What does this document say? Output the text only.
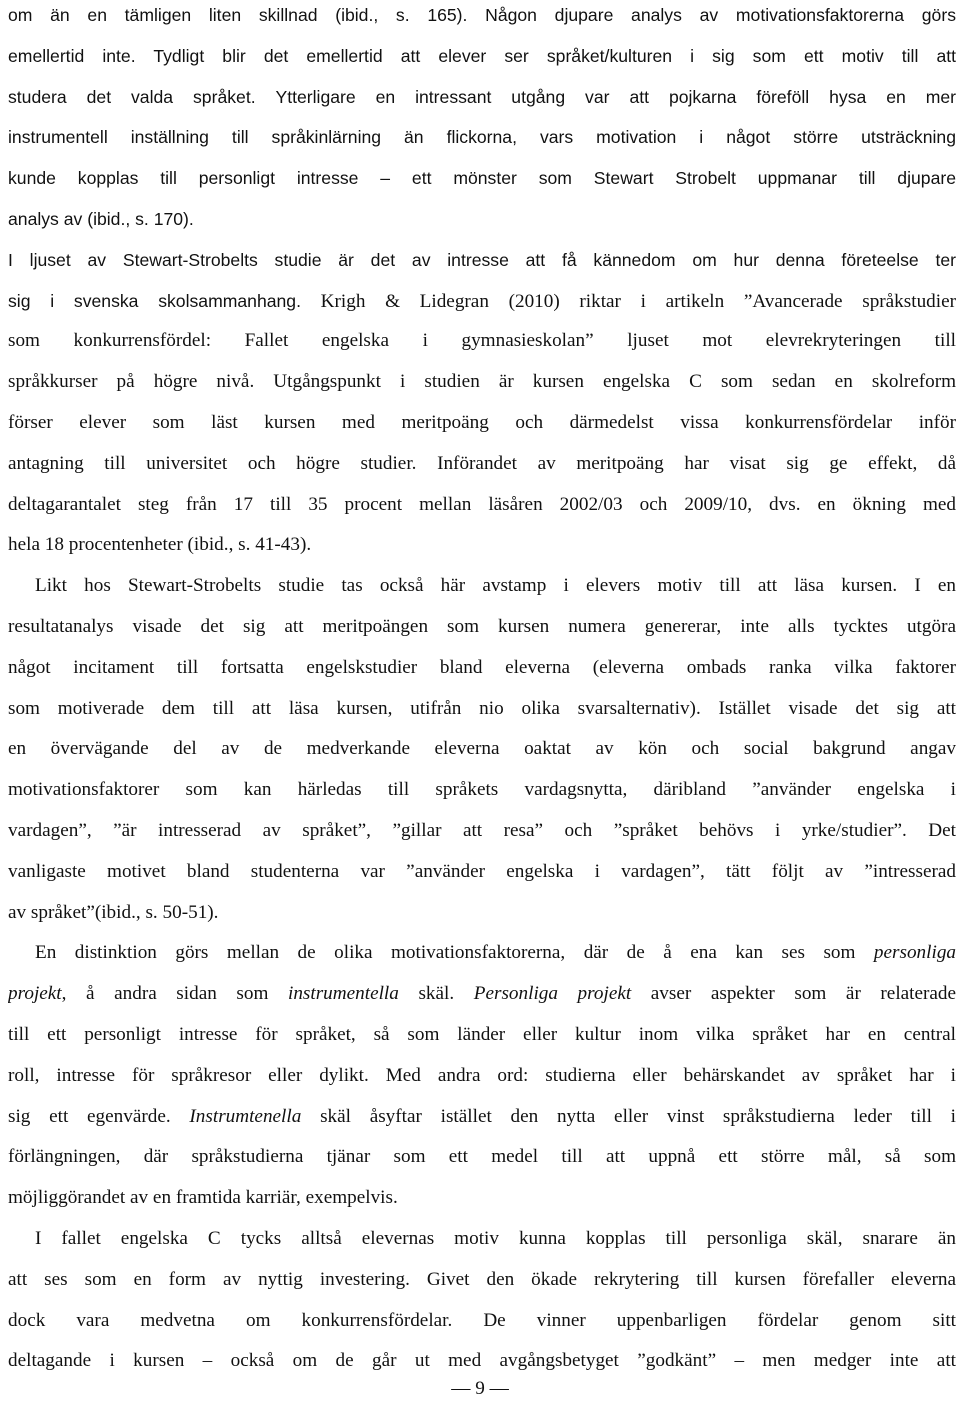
om än en tämligen liten skillnad (ibid., s. 165). Någon djupare analys av motivationsfaktorerna görs
emellertid inte. Tydligt blir det emellertid att elever ser språket/kulturen i sig som ett motiv till att
studera det valda språket. Ytterligare en intressant utgång var att pojkarna föreföll hysa en mer
instrumentell inställning till språkinlärning än flickorna, vars motivation i något större utsträckning
kunde kopplas till personligt intresse – ett mönster som Stewart Strobelt uppmanar till djupare
analys av (ibid., s. 170).
I ljuset av Stewart-Strobelts studie är det av intresse att få kännedom om hur denna företeelse ter
sig i svenska skolsammanhang. Krigh & Lidegran (2010) riktar i artikeln ”Avancerade språkstudier
som konkurrensfördel: Fallet engelska i gymnasieskolan” ljuset mot elevrekryteringen till
språkkurser på högre nivå. Utgångspunkt i studien är kursen engelska C som sedan en skolreform
förser elever som läst kursen med meritpoäng och därmedelst vissa konkurrensfördelar inför
antagning till universitet och högre studier. Införandet av meritpoäng har visat sig ge effekt, då
deltagarantalet steg från 17 till 35 procent mellan läsåren 2002/03 och 2009/10, dvs. en ökning med
hela 18 procentenheter (ibid., s. 41-43).
Likt hos Stewart-Strobelts studie tas också här avstamp i elevers motiv till att läsa kursen. I en
resultatanalys visade det sig att meritpoängen som kursen numera genererar, inte alls tycktes utgöra
något incitament till fortsatta engelskstudier bland eleverna (eleverna ombads ranka vilka faktorer
som motiverade dem till att läsa kursen, utifrån nio olika svarsalternativ). Istället visade det sig att
en övervägande del av de medverkande eleverna oaktat av kön och social bakgrund angav
motivationsfaktorer som kan härledas till språkets vardagsnytta, däribland ”använder engelska i
vardagen”, ”är intresserad av språket”, ”gillar att resa” och ”språket behövs i yrke/studier”. Det
vanligaste motivet bland studenterna var ”använder engelska i vardagen”, tätt följt av ”intresserad
av språket”(ibid., s. 50-51).
En distinktion görs mellan de olika motivationsfaktorerna, där de å ena kan ses som personliga
projekt, å andra sidan som instrumentella skäl. Personliga projekt avser aspekter som är relaterade
till ett personligt intresse för språket, så som länder eller kultur inom vilka språket har en central
roll, intresse för språkresor eller dylikt. Med andra ord: studierna eller behärskandet av språket har i
sig ett egenvärde. Instrumtenella skäl åsyftar istället den nytta eller vinst språkstudierna leder till i
förlängningen, där språkstudierna tjänar som ett medel till att uppnå ett större mål, så som
möjliggörandet av en framtida karriär, exempelvis.
I fallet engelska C tycks alltså elevernas motiv kunna kopplas till personliga skäl, snarare än
att ses som en form av nyttig investering. Givet den ökade rekrytering till kursen förefaller eleverna
dock vara medvetna om konkurrensfördelar. De vinner uppenbarligen fördelar genom sitt
deltagande i kursen – också om de går ut med avgångsbetyget ”godkänt” – men medger inte att
— 9 —
